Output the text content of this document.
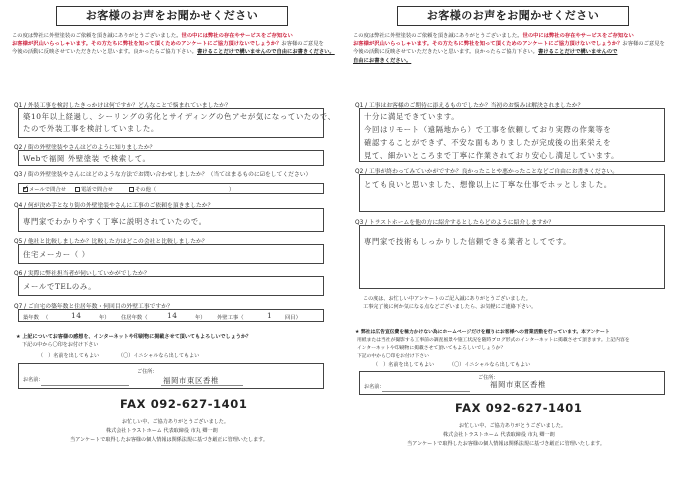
お客様のお声をお聞かせください
この度は弊社に外壁塗装のご依頼を頂き誠にありがとうございました。世の中には弊社の存在やサービスをご存知ない
お客様が沢山いらっしゃいます。その方たちに弊社を知って頂くためのアンケートにご協力頂けないでしょうか？お客様のご意見を
今後の活動に反映させていただきたいと思います。良かったらご協力下さい。書けることだけで構いませんので自由にお書きください。
Q1 / 外装工事を検討したきっかけは何ですか？どんなことで悩まれていましたか？
築10年以上経過し、シーリングの劣化とサイディングの色アセが気になっていたので、
たので外装工事を検討していました。
Q2 / 街の外壁塗装やさんはどのように知りましたか？
Webで福岡 外壁塗装 で検索して。
Q3 / 街の外壁塗装やさんにはどのような方法でお問い合わせしましたか？（当てはまるものに☑をしてください）
✓メールで問合せ	電話で問合せ	その他（	）
Q4 / 何が決め手となり街の外壁塗装やさんに工事のご依頼を頂きましたか？
専門家でわかりやすく丁寧に説明されていたので。
Q5 / 他社と比較しましたか？比較した方はどこの会社と比較しましたか？
住宅メーカー（ ）
Q6 / 実際に弊社担当者が伺いしていかがでしたか？
メールでTELのみ。
Q7 / ご自宅の築年数と住居年数・何回目の外壁工事ですか？
築年数 （	14	年） 住居年数（	14	年） 外壁工事（	1 回目）
★ 上記についてお客様の感想を、インターネットや印刷物に掲載させて頂いてもよろしいでしょうか？
下記の中から〇印をお付け下さい
（　）名前を出してもよい	（〇）イニシャルなら出してもよい
お名前：
ご住所：
福岡市東区香椎
FAX 092-627-1401
お忙しい中、ご協力ありがとうございました。
株式会社トラストホーム 代表取締役 市丸 卿一朗
当アンケートで取得したお客様の個人情報は関係法規に基づき厳正に管理いたします。
お客様のお声をお聞かせください
この度は弊社に外壁塗装のご依頼を頂き誠にありがとうございました。世の中には弊社の存在やサービスをご存知ない
お客様が沢山いらっしゃいます。その方たちに弊社を知って頂くためのアンケートにご協力頂けないでしょうか？お客様のご意見を
今後の活動に反映させていただきたいと思います。良かったらご協力下さい。書けることだけで構いませんので
自由にお書きください。
Q1 / 工事はお客様のご期待に添えるものでしたか？当初のお悩みは解決されましたか？
十分に満足できています。
今回はリモート（遠隔地から）で工事を依頼しており実際の作業等を
確認することができず、不安な面もありましたが完成後の出来栄えを
見て、細かいところまで丁寧に作業されており安心し満足しています。
Q2 / 工事が終わってみていかがですか？良かったことや悪かったことなどご自由にお書きください。
とても良いと思いました、想像以上に丁寧な仕事でホッとしました。
Q3 / トラストホームを他の方に紹介するとしたらどのように紹介しますか？
専門家で技術もしっかりした信頼できる業者としてです。
この度は、お忙しい中アンケートのご記入誠にありがとうございました。
工事完了後に何か気になる点などございましたら、お気軽にご連絡下さい。
★ 弊社は広告宣伝費を極力かけない為にホームページだけを頼りにお客様への営業活動を行っています。本アンケート
用紙または当社が撮影する工事前の調査風景や施工状況を随時ブログ形式のインターネットに掲載させて頂きます。上記内容を
インターネットや印刷物に掲載させて頂いてもよろしいでしょうか？
下記の中から〇印をお付け下さい
（　）名前を出してもよい	（〇）イニシャルなら出してもよい
お名前：
ご住所：
福岡市東区香椎
FAX 092-627-1401
お忙しい中、ご協力ありがとうございました。
株式会社トラストホーム 代表取締役 市丸 卿一朗
当アンケートで取得したお客様の個人情報は関係法規に基づき厳正に管理いたします。
